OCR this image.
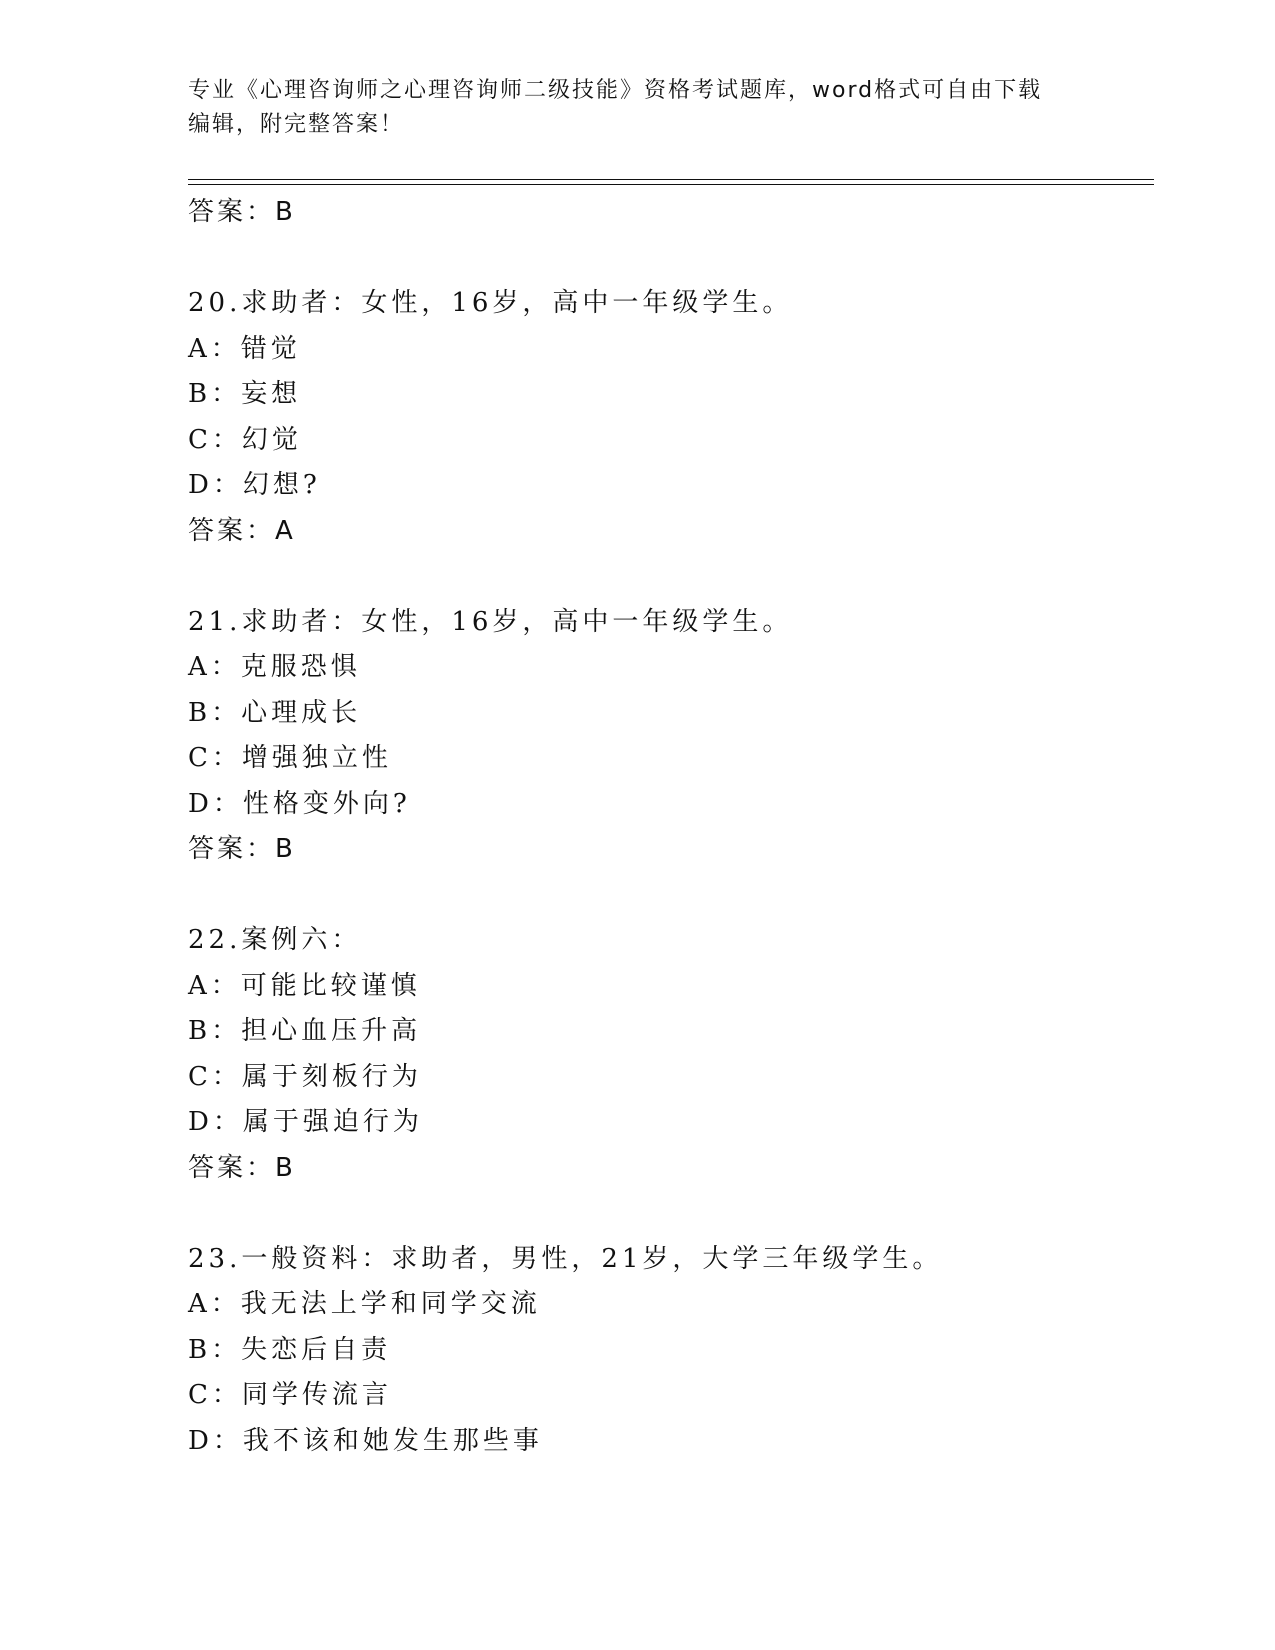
专业《心理咨询师之心理咨询师二级技能》资格考试题库，word格式可自由下载
编辑，附完整答案！
答案：B
20.求助者：女性，16岁，高中一年级学生。
A：错觉
B：妄想
C：幻觉
D：幻想?
答案：A
21.求助者：女性，16岁，高中一年级学生。
A：克服恐惧
B：心理成长
C：增强独立性
D：性格变外向?
答案：B
22.案例六：
A：可能比较谨慎
B：担心血压升高
C：属于刻板行为
D：属于强迫行为
答案：B
23.一般资料：求助者，男性，21岁，大学三年级学生。
A：我无法上学和同学交流
B：失恋后自责
C：同学传流言
D：我不该和她发生那些事
